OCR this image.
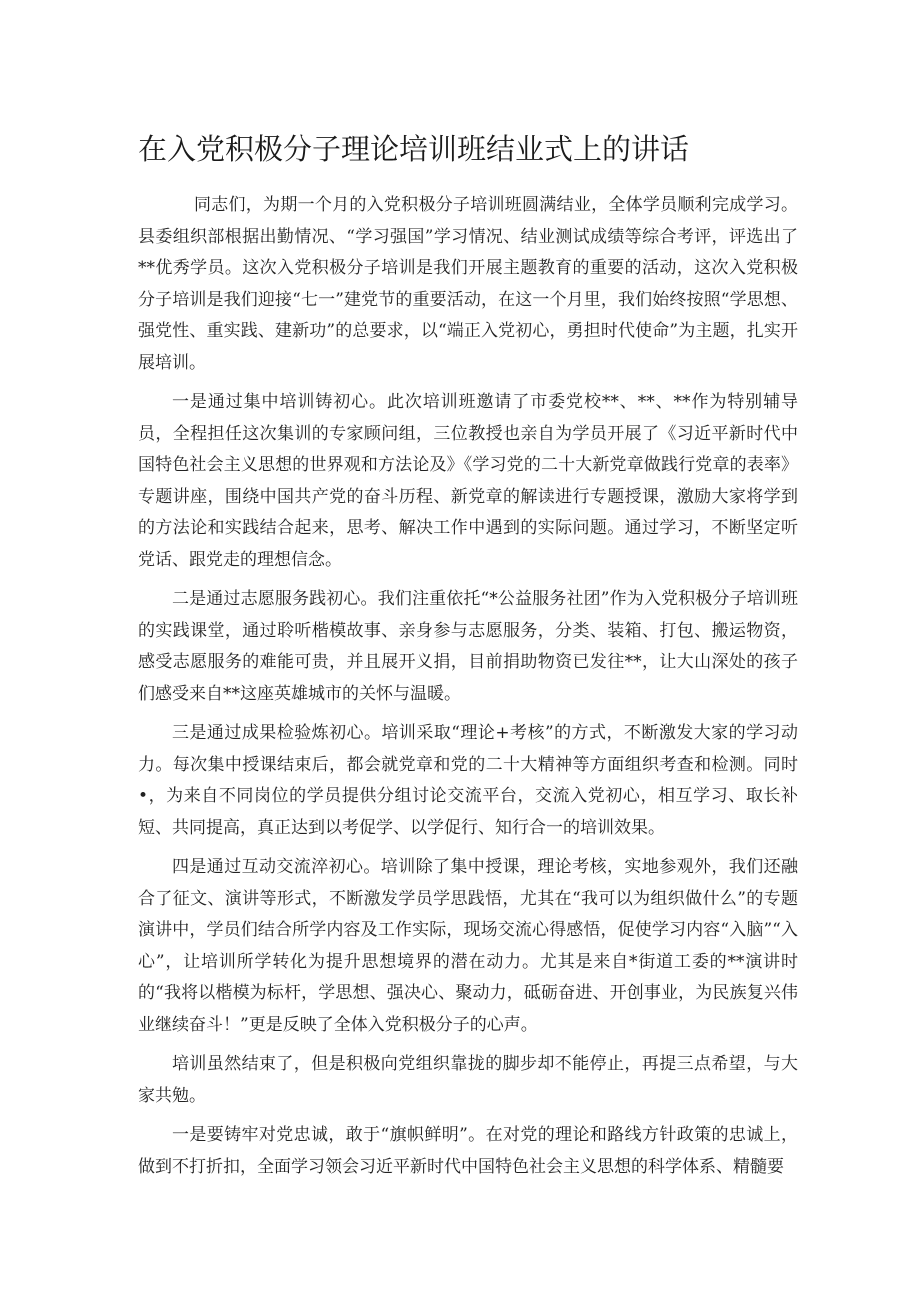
在入党积极分子理论培训班结业式上的讲话

同志们，为期一个月的入党积极分子培训班圆满结业，全体学员顺利完成学习。县委组织部根据出勤情况、“学习强国”学习情况、结业测试成绩等综合考评，评选出了**优秀学员。这次入党积极分子培训是我们开展主题教育的重要的活动，这次入党积极分子培训是我们迎接“七一”建党节的重要活动，在这一个月里，我们始终按照“学思想、强党性、重实践、建新功”的总要求，以“端正入党初心，勇担时代使命”为主题，扎实开展培训。

一是通过集中培训铸初心。此次培训班邀请了市委党校**、**、**作为特别辅导员，全程担任这次集训的专家顾问组，三位教授也亲自为学员开展了《习近平新时代中国特色社会主义思想的世界观和方法论及》《学习党的二十大新党章做践行党章的表率》专题讲座，围绕中国共产党的奋斗历程、新党章的解读进行专题授课，激励大家将学到的方法论和实践结合起来，思考、解决工作中遇到的实际问题。通过学习，不断坚定听党话、跟党走的理想信念。

二是通过志愿服务践初心。我们注重依托“*公益服务社团”作为入党积极分子培训班的实践课堂，通过聆听楷模故事、亲身参与志愿服务，分类、装箱、打包、搬运物资，感受志愿服务的难能可贵，并且展开义捐，目前捐助物资已发往**，让大山深处的孩子们感受来自**这座英雄城市的关怀与温暖。

三是通过成果检验炼初心。培训采取“理论+考核”的方式，不断激发大家的学习动力。每次集中授课结束后，都会就党章和党的二十大精神等方面组织考查和检测。同时•，为来自不同岗位的学员提供分组讨论交流平台，交流入党初心，相互学习、取长补短、共同提高，真正达到以考促学、以学促行、知行合一的培训效果。

四是通过互动交流淬初心。培训除了集中授课，理论考核，实地参观外，我们还融合了征文、演讲等形式，不断激发学员学思践悟，尤其在“我可以为组织做什么”的专题演讲中，学员们结合所学内容及工作实际，现场交流心得感悟，促使学习内容“入脑”“入心”，让培训所学转化为提升思想境界的潜在动力。尤其是来自*街道工委的**演讲时的“我将以楷模为标杆，学思想、强决心、聚动力，砥砺奋进、开创事业，为民族复兴伟业继续奋斗！”更是反映了全体入党积极分子的心声。

培训虽然结束了，但是积极向党组织靠拢的脚步却不能停止，再提三点希望，与大家共勉。

一是要铸牢对党忠诚，敢于“旗帜鲜明”。在对党的理论和路线方针政策的忠诚上，做到不打折扣，全面学习领会习近平新时代中国特色社会主义思想的科学体系、精髓要
